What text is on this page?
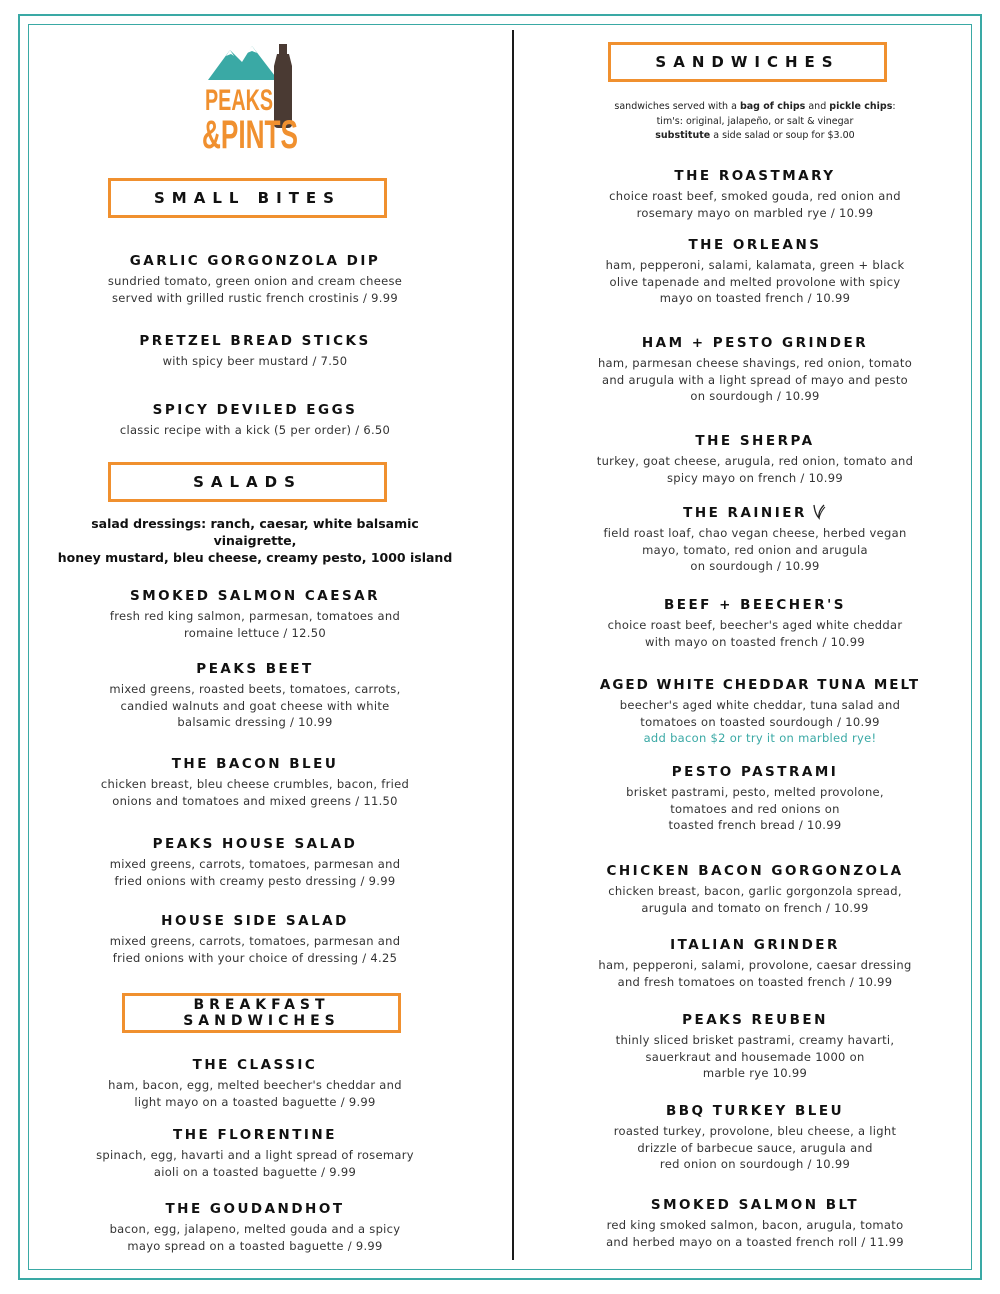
PEAKS
&PINTS
SMALL BITES
GARLIC GORGONZOLA DIP
sundried tomato, green onion and cream cheese
served with grilled rustic french crostinis / 9.99
PRETZEL BREAD STICKS
with spicy beer mustard / 7.50
SPICY DEVILED EGGS
classic recipe with a kick (5 per order) / 6.50
SALADS
salad dressings: ranch, caesar, white balsamic vinaigrette,
honey mustard, bleu cheese, creamy pesto, 1000 island
SMOKED SALMON CAESAR
fresh red king salmon, parmesan, tomatoes and
romaine lettuce / 12.50
PEAKS BEET
mixed greens, roasted beets, tomatoes, carrots,
candied walnuts and goat cheese with white
balsamic dressing / 10.99
THE BACON BLEU
chicken breast, bleu cheese crumbles, bacon, fried
onions and tomatoes and mixed greens / 11.50
PEAKS HOUSE SALAD
mixed greens, carrots, tomatoes, parmesan and
fried onions with creamy pesto dressing / 9.99
HOUSE SIDE SALAD
mixed greens, carrots, tomatoes, parmesan and
fried onions with your choice of dressing / 4.25
BREAKFAST SANDWICHES
THE CLASSIC
ham, bacon, egg, melted beecher's cheddar and
light mayo on a toasted baguette / 9.99
THE FLORENTINE
spinach, egg, havarti and a light spread of rosemary
aioli on a toasted baguette / 9.99
THE GOUDANDHOT
bacon, egg, jalapeno, melted gouda and a spicy
mayo spread on a toasted baguette / 9.99
SANDWICHES
sandwiches served with a bag of chips and pickle chips:
tim's: original, jalapeño, or salt & vinegar
substitute a side salad or soup for $3.00
THE ROASTMARY
choice roast beef, smoked gouda, red onion and
rosemary mayo on marbled rye / 10.99
THE ORLEANS
ham, pepperoni, salami, kalamata, green + black
olive tapenade and melted provolone with spicy
mayo on toasted french / 10.99
HAM + PESTO GRINDER
ham, parmesan cheese shavings, red onion, tomato
and arugula with a light spread of mayo and pesto
on sourdough / 10.99
THE SHERPA
turkey, goat cheese, arugula, red onion, tomato and
spicy mayo on french / 10.99
THE RAINIER
field roast loaf, chao vegan cheese, herbed vegan
mayo, tomato, red onion and arugula
on sourdough / 10.99
BEEF + BEECHER'S
choice roast beef, beecher's aged white cheddar
with mayo on toasted french / 10.99
AGED WHITE CHEDDAR TUNA MELT
beecher's aged white cheddar, tuna salad and
tomatoes on toasted sourdough / 10.99
add bacon $2 or try it on marbled rye!
PESTO PASTRAMI
brisket pastrami, pesto, melted provolone,
tomatoes and red onions on
toasted french bread / 10.99
CHICKEN BACON GORGONZOLA
chicken breast, bacon, garlic gorgonzola spread,
arugula and tomato on french / 10.99
ITALIAN GRINDER
ham, pepperoni, salami, provolone, caesar dressing
and fresh tomatoes on toasted french / 10.99
PEAKS REUBEN
thinly sliced brisket pastrami, creamy havarti,
sauerkraut and housemade 1000 on
marble rye 10.99
BBQ TURKEY BLEU
roasted turkey, provolone, bleu cheese, a light
drizzle of barbecue sauce, arugula and
red onion on sourdough / 10.99
SMOKED SALMON BLT
red king smoked salmon, bacon, arugula, tomato
and herbed mayo on a toasted french roll / 11.99
